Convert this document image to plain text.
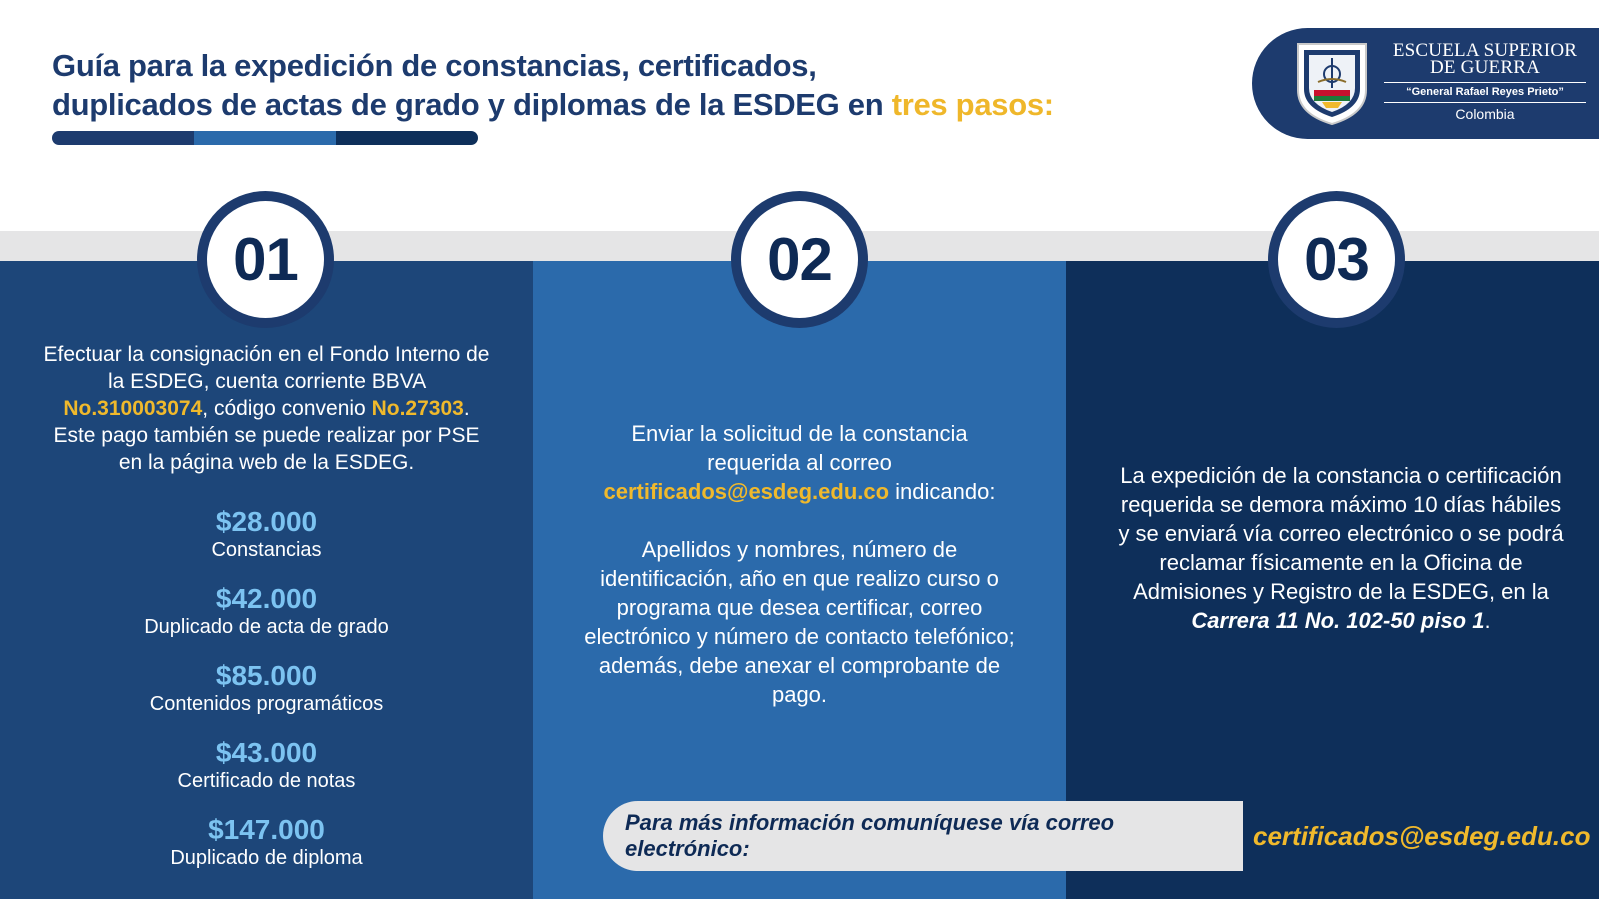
Guía para la expedición de constancias, certificados,
duplicados de actas de grado y diplomas de la ESDEG en tres pasos:
ESCUELA SUPERIOR
DE GUERRA
“General Rafael Reyes Prieto”
Colombia
Efectuar la consignación en el Fondo Interno de la ESDEG, cuenta corriente BBVA No.310003074, código convenio No.27303. Este pago también se puede realizar por PSE en la página web de la ESDEG.
$28.000
Constancias
$42.000
Duplicado de acta de grado
$85.000
Contenidos programáticos
$43.000
Certificado de notas
$147.000
Duplicado de diploma
Enviar la solicitud de la constancia requerida al correo certificados@esdeg.edu.co indicando:
Apellidos y nombres, número de identificación, año en que realizo curso o programa que desea certificar, correo electrónico y número de contacto telefónico; además, debe anexar el comprobante de pago.
La expedición de la constancia o certificación requerida se demora máximo 10 días hábiles y se enviará vía correo electrónico o se podrá reclamar físicamente en la Oficina de Admisiones y Registro de la ESDEG, en la Carrera 11 No. 102-50 piso 1.
01	02	03
Para más información comuníquese vía correo electrónico:	certificados@esdeg.edu.co
